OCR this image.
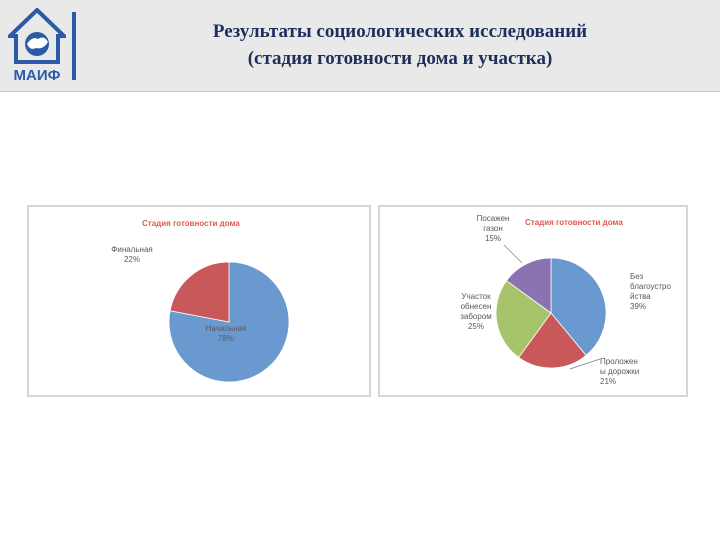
МАИФ
Результаты социологических исследований
(стадия готовности дома и участка)
Стадия готовности дома
Начальная 78%
Финальная 22%
Стадия готовности дома
Без благоустро йства 39%
Проложен ы дорожки 21%
Участок обнесен забором 25%
Посажен газон 15%
